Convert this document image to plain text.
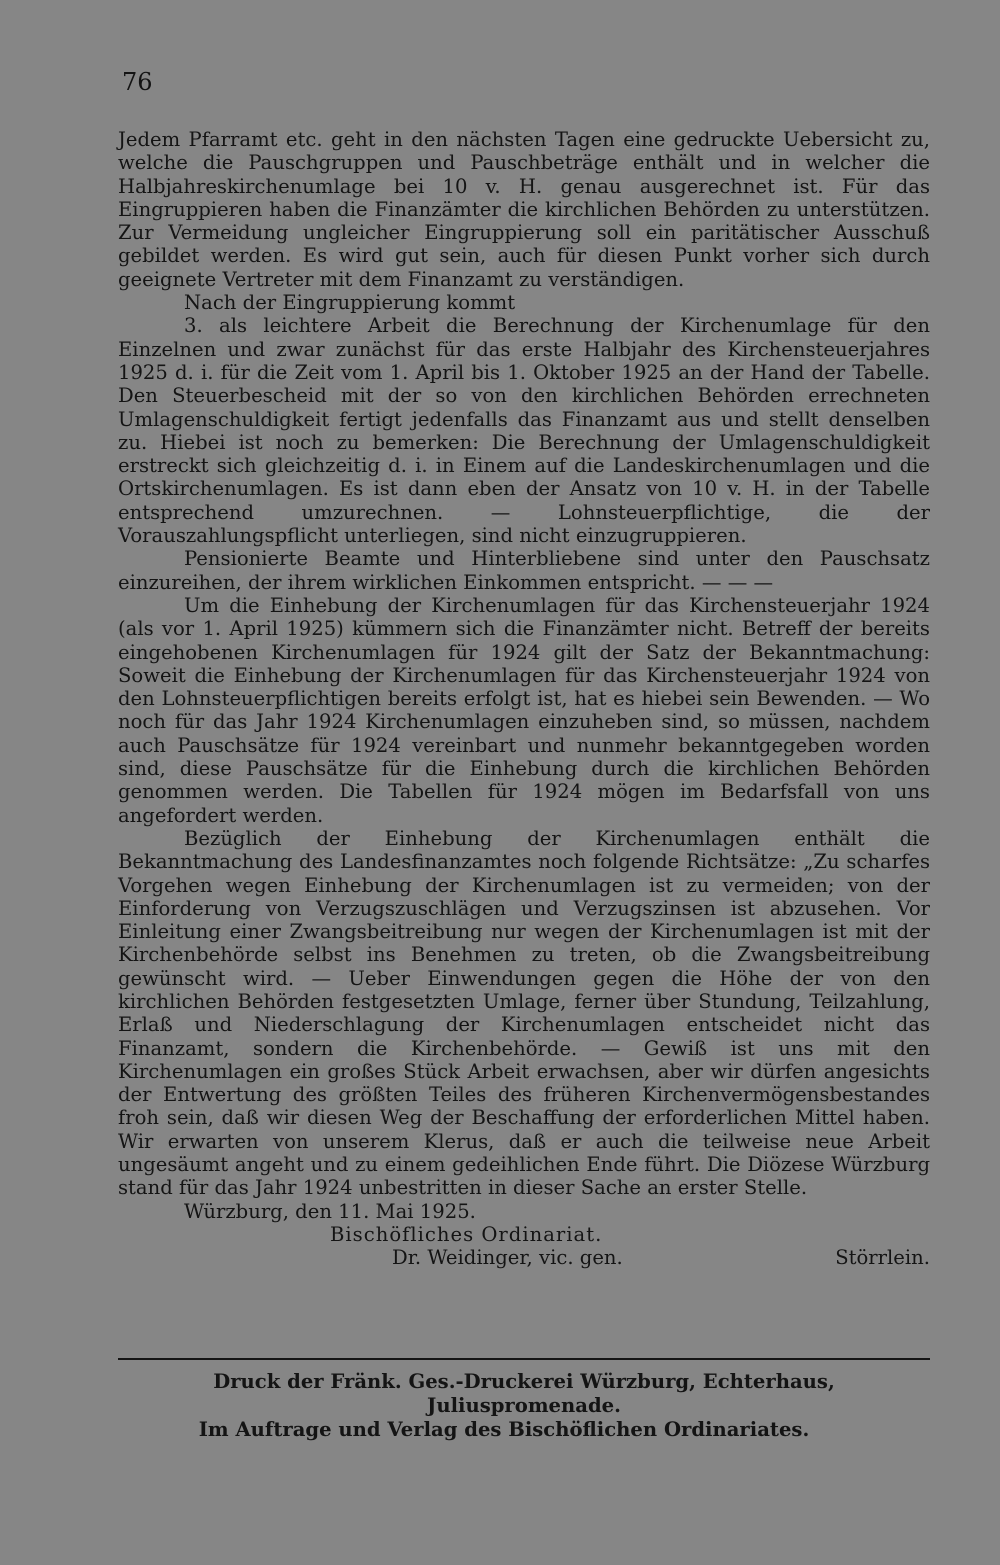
76

Jedem Pfarramt etc. geht in den nächsten Tagen eine gedruckte Uebersicht zu, welche die Pauschgruppen und Pauschbeträge enthält und in welcher die Halbjahreskirchenumlage bei 10 v. H. genau ausgerechnet ist. Für das Eingruppieren haben die Finanzämter die kirchlichen Behörden zu unterstützen. Zur Vermeidung ungleicher Eingruppierung soll ein paritätischer Ausschuß gebildet werden. Es wird gut sein, auch für diesen Punkt vorher sich durch geeignete Vertreter mit dem Finanzamt zu verständigen.

Nach der Eingruppierung kommt

3. als leichtere Arbeit die Berechnung der Kirchenumlage für den Einzelnen und zwar zunächst für das erste Halbjahr des Kirchensteuerjahres 1925 d. i. für die Zeit vom 1. April bis 1. Oktober 1925 an der Hand der Tabelle. Den Steuerbescheid mit der so von den kirchlichen Behörden errechneten Umlagenschuldigkeit fertigt jedenfalls das Finanzamt aus und stellt denselben zu. Hiebei ist noch zu bemerken: Die Berechnung der Umlagenschuldigkeit erstreckt sich gleichzeitig d. i. in Einem auf die Landeskirchenumlagen und die Ortskirchenumlagen. Es ist dann eben der Ansatz von 10 v. H. in der Tabelle entsprechend umzurechnen. — Lohnsteuerpflichtige, die der Vorauszahlungspflicht unterliegen, sind nicht einzugruppieren.

Pensionierte Beamte und Hinterbliebene sind unter den Pauschsatz einzureihen, der ihrem wirklichen Einkommen entspricht. — — —

Um die Einhebung der Kirchenumlagen für das Kirchensteuerjahr 1924 (als vor 1. April 1925) kümmern sich die Finanzämter nicht. Betreff der bereits eingehobenen Kirchenumlagen für 1924 gilt der Satz der Bekanntmachung: Soweit die Einhebung der Kirchenumlagen für das Kirchensteuerjahr 1924 von den Lohnsteuerpflichtigen bereits erfolgt ist, hat es hiebei sein Bewenden. — Wo noch für das Jahr 1924 Kirchenumlagen einzuheben sind, so müssen, nachdem auch Pauschsätze für 1924 vereinbart und nunmehr bekanntgegeben worden sind, diese Pauschsätze für die Einhebung durch die kirchlichen Behörden genommen werden. Die Tabellen für 1924 mögen im Bedarfsfall von uns angefordert werden.

Bezüglich der Einhebung der Kirchenumlagen enthält die Bekanntmachung des Landesfinanzamtes noch folgende Richtsätze: „Zu scharfes Vorgehen wegen Einhebung der Kirchenumlagen ist zu vermeiden; von der Einforderung von Verzugszuschlägen und Verzugszinsen ist abzusehen. Vor Einleitung einer Zwangsbeitreibung nur wegen der Kirchenumlagen ist mit der Kirchenbehörde selbst ins Benehmen zu treten, ob die Zwangsbeitreibung gewünscht wird. — Ueber Einwendungen gegen die Höhe der von den kirchlichen Behörden festgesetzten Umlage, ferner über Stundung, Teilzahlung, Erlaß und Niederschlagung der Kirchenumlagen entscheidet nicht das Finanzamt, sondern die Kirchenbehörde. — Gewiß ist uns mit den Kirchenumlagen ein großes Stück Arbeit erwachsen, aber wir dürfen angesichts der Entwertung des größten Teiles des früheren Kirchenvermögensbestandes froh sein, daß wir diesen Weg der Beschaffung der erforderlichen Mittel haben. Wir erwarten von unserem Klerus, daß er auch die teilweise neue Arbeit ungesäumt angeht und zu einem gedeihlichen Ende führt. Die Diözese Würzburg stand für das Jahr 1924 unbestritten in dieser Sache an erster Stelle.

Würzburg, den 11. Mai 1925.

Bischöfliches Ordinariat.

Dr. Weidinger, vic. gen.	Störrlein.

Druck der Fränk. Ges.-Druckerei Würzburg, Echterhaus, Juliuspromenade.

Im Auftrage und Verlag des Bischöflichen Ordinariates.
